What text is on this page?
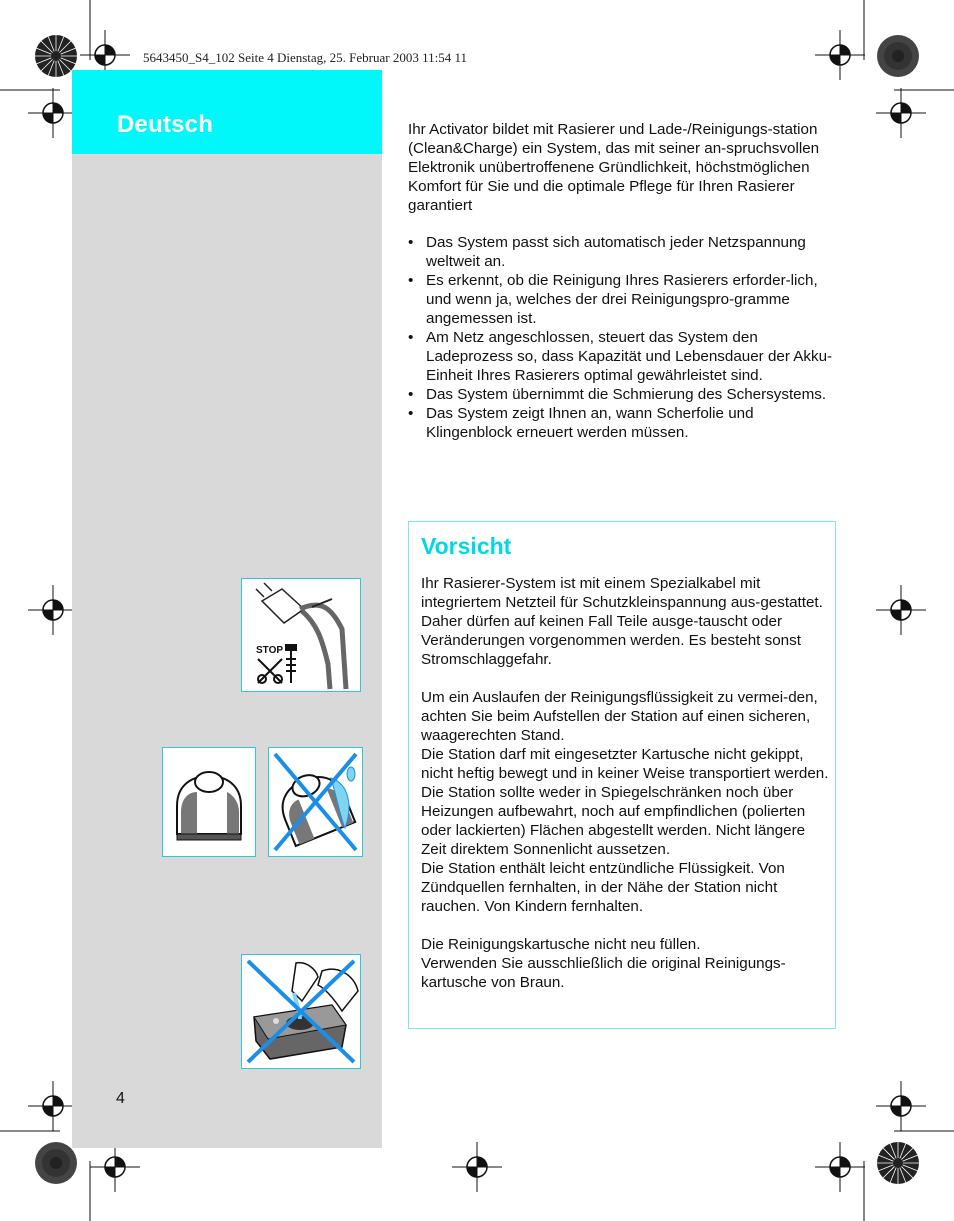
5643450_S4_102 Seite 4 Dienstag, 25. Februar 2003 11:54 11
Deutsch
4
STOP

Ihr Activator bildet mit Rasierer und Lade-/Reinigungs-station (Clean&Charge) ein System, das mit seiner an-spruchsvollen Elektronik unübertroffenene Gründlichkeit, höchstmöglichen Komfort für Sie und die optimale Pflege für Ihren Rasierer garantiert

• Das System passt sich automatisch jeder Netzspannung weltweit an.
• Es erkennt, ob die Reinigung Ihres Rasierers erforder-lich, und wenn ja, welches der drei Reinigungspro-gramme angemessen ist.
• Am Netz angeschlossen, steuert das System den Ladeprozess so, dass Kapazität und Lebensdauer der Akku-Einheit Ihres Rasierers optimal gewährleistet sind.
• Das System übernimmt die Schmierung des Schersystems.
• Das System zeigt Ihnen an, wann Scherfolie und Klingenblock erneuert werden müssen.
Vorsicht

Ihr Rasierer-System ist mit einem Spezialkabel mit integriertem Netzteil für Schutzkleinspannung aus-gestattet. Daher dürfen auf keinen Fall Teile ausge-tauscht oder Veränderungen vorgenommen werden. Es besteht sonst Stromschlaggefahr.

Um ein Auslaufen der Reinigungsflüssigkeit zu vermei-den, achten Sie beim Aufstellen der Station auf einen sicheren, waagerechten Stand.

Die Station darf mit eingesetzter Kartusche nicht gekippt, nicht heftig bewegt und in keiner Weise transportiert werden.

Die Station sollte weder in Spiegelschränken noch über Heizungen aufbewahrt, noch auf empfindlichen (polierten oder lackierten) Flächen abgestellt werden. Nicht längere Zeit direktem Sonnenlicht aussetzen.

Die Station enthält leicht entzündliche Flüssigkeit. Von Zündquellen fernhalten, in der Nähe der Station nicht rauchen. Von Kindern fernhalten.

Die Reinigungskartusche nicht neu füllen.

Verwenden Sie ausschließlich die original Reinigungs-kartusche von Braun.
